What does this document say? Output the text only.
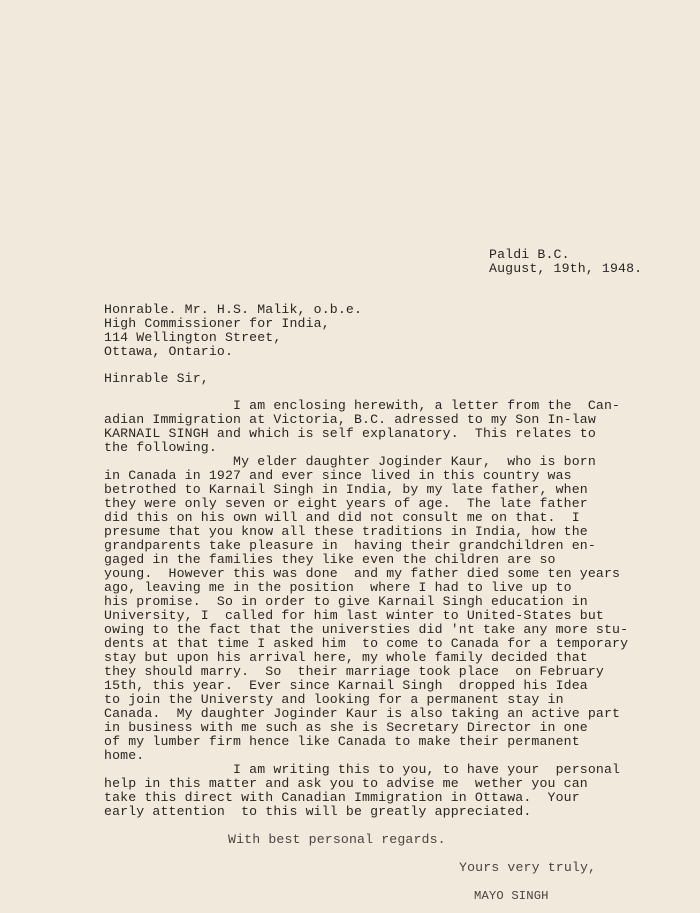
Paldi B.C.
August, 19th, 1948.
Honrable. Mr. H.S. Malik, o.b.e.
High Commissioner for India,
114 Wellington Street,
Ottawa, Ontario.
Hinrable Sir,
I am enclosing herewith, a letter from the  Can-
adian Immigration at Victoria, B.C. adressed to my Son In-law
KARNAIL SINGH and which is self explanatory.  This relates to
the following.
My elder daughter Joginder Kaur,  who is born
in Canada in 1927 and ever since lived in this country was
betrothed to Karnail Singh in India, by my late father, when
they were only seven or eight years of age.  The late father
did this on his own will and did not consult me on that.  I
presume that you know all these traditions in India, how the
grandparents take pleasure in  having their grandchildren en-
gaged in the families they like even the children are so
young.  However this was done  and my father died some ten years
ago, leaving me in the position  where I had to live up to
his promise.  So in order to give Karnail Singh education in
University, I  called for him last winter to United-States but
owing to the fact that the universties did 'nt take any more stu-
dents at that time I asked him  to come to Canada for a temporary
stay but upon his arrival here, my whole family decided that
they should marry.  So  their marriage took place  on February
15th, this year.  Ever since Karnail Singh  dropped his Idea
to join the Universty and looking for a permanent stay in
Canada.  My daughter Joginder Kaur is also taking an active part
in business with me such as she is Secretary Director in one
of my lumber firm hence like Canada to make their permanent
home.
I am writing this to you, to have your  personal
help in this matter and ask you to advise me  wether you can
take this direct with Canadian Immigration in Ottawa.  Your
early attention  to this will be greatly appreciated.
With best personal regards.
Yours very truly,
MAYO SINGH
